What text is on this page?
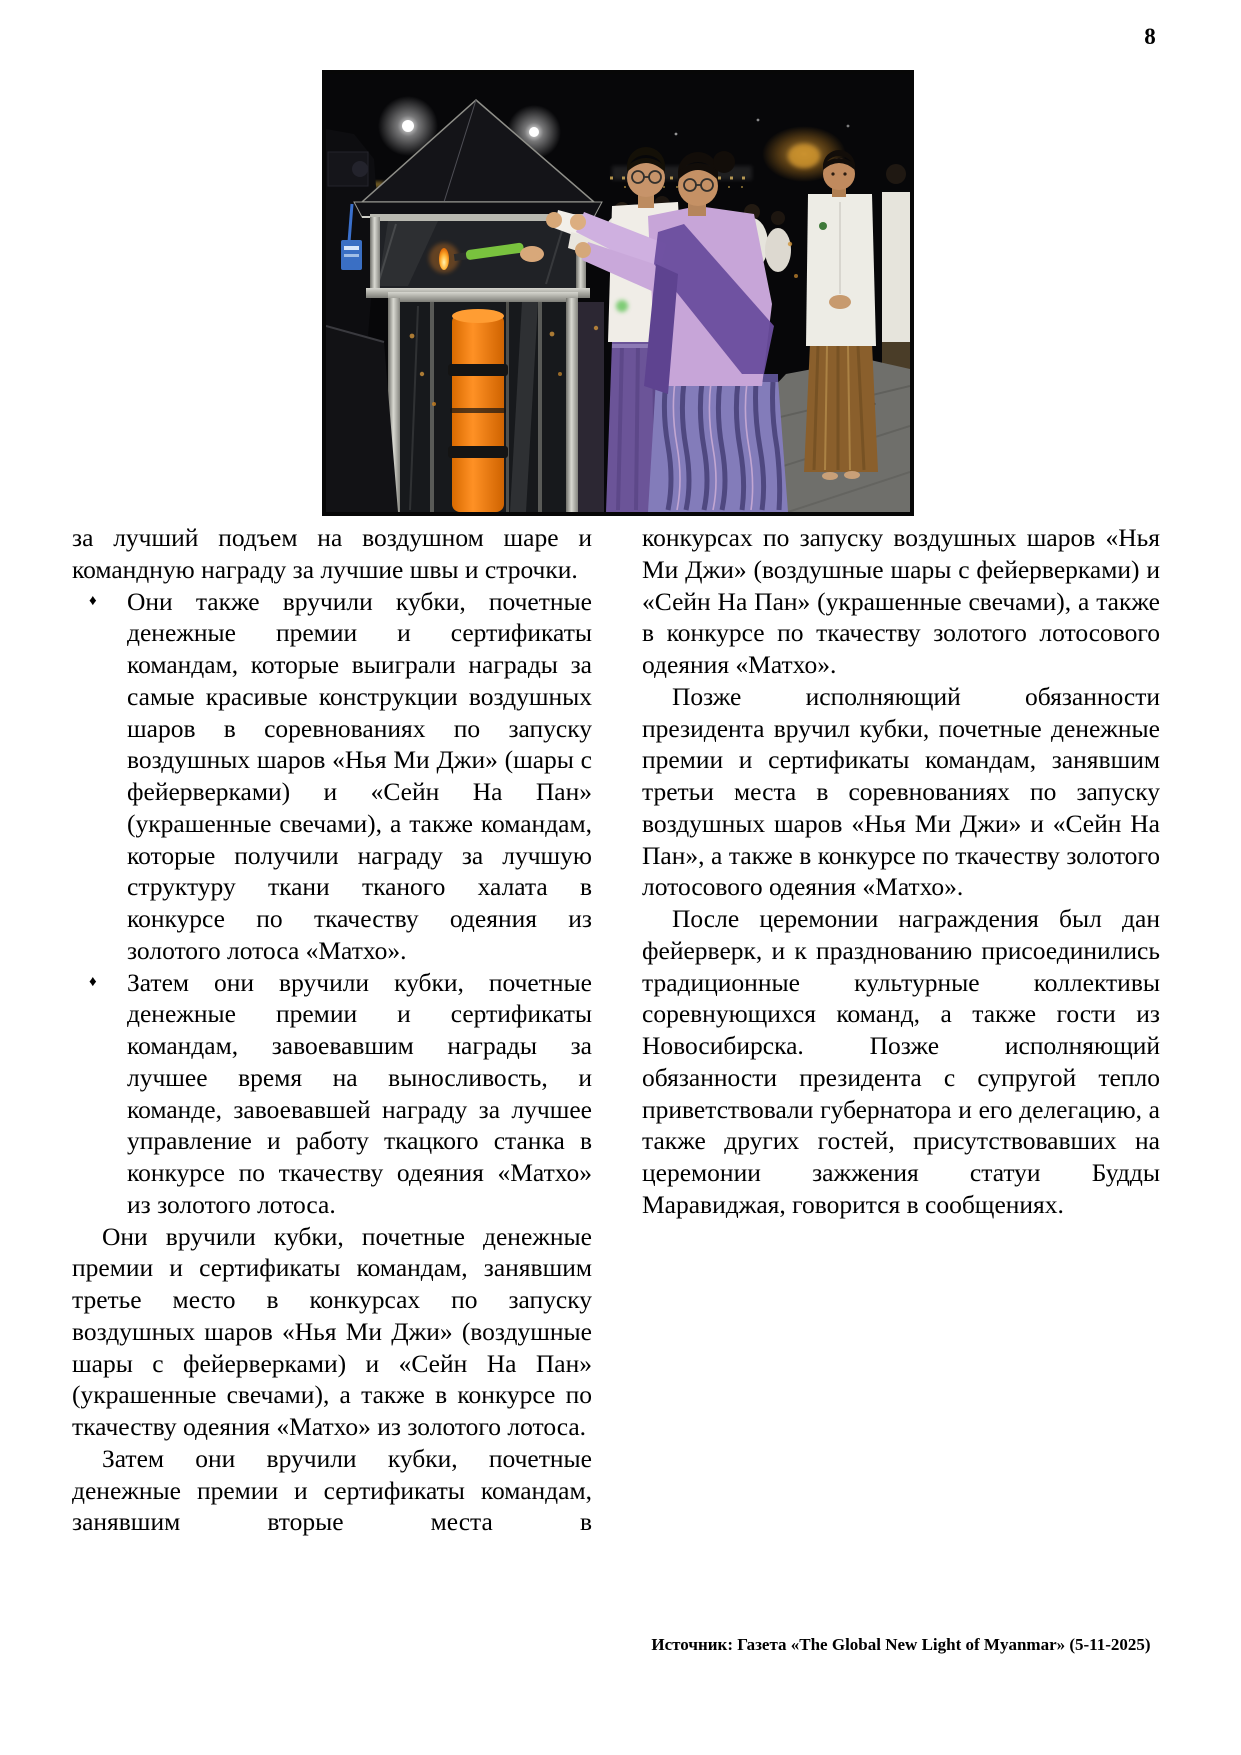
8

за лучший подъем на воздушном шаре и командную награду за лучшие швы и строчки.

♦ Они также вручили кубки, почетные денежные премии и сертификаты командам, которые выиграли награды за самые красивые конструкции воздушных шаров в соревнованиях по запуску воздушных шаров «Нья Ми Джи» (шары с фейерверками) и «Сейн На Пан» (украшенные свечами), а также командам, которые получили награду за лучшую структуру ткани тканого халата в конкурсе по ткачеству одеяния из золотого лотоса «Матхо».
♦ Затем они вручили кубки, почетные денежные премии и сертификаты командам, завоевавшим награды за лучшее время на выносливость, и команде, завоевавшей награду за лучшее управление и работу ткацкого станка в конкурсе по ткачеству одеяния «Матхо» из золотого лотоса.

Они вручили кубки, почетные денежные премии и сертификаты командам, занявшим третье место в конкурсах по запуску воздушных шаров «Нья Ми Джи» (воздушные шары с фейерверками) и «Сейн На Пан» (украшенные свечами), а также в конкурсе по ткачеству одеяния «Матхо» из золотого лотоса.

Затем они вручили кубки, почетные денежные премии и сертификаты командам, занявшим вторые места в

конкурсах по запуску воздушных шаров «Нья Ми Джи» (воздушные шары с фейерверками) и «Сейн На Пан» (украшенные свечами), а также в конкурсе по ткачеству золотого лотосового одеяния «Матхо».

Позже исполняющий обязанности президента вручил кубки, почетные денежные премии и сертификаты командам, занявшим третьи места в соревнованиях по запуску воздушных шаров «Нья Ми Джи» и «Сейн На Пан», а также в конкурсе по ткачеству золотого лотосового одеяния «Матхо».

После церемонии награждения был дан фейерверк, и к празднованию присоединились традиционные культурные коллективы соревнующихся команд, а также гости из Новосибирска. Позже исполняющий обязанности президента с супругой тепло приветствовали губернатора и его делегацию, а также других гостей, присутствовавших на церемонии зажжения статуи Будды Маравиджая, говорится в сообщениях.

Источник: Газета «The Global New Light of Myanmar» (5-11-2025)
